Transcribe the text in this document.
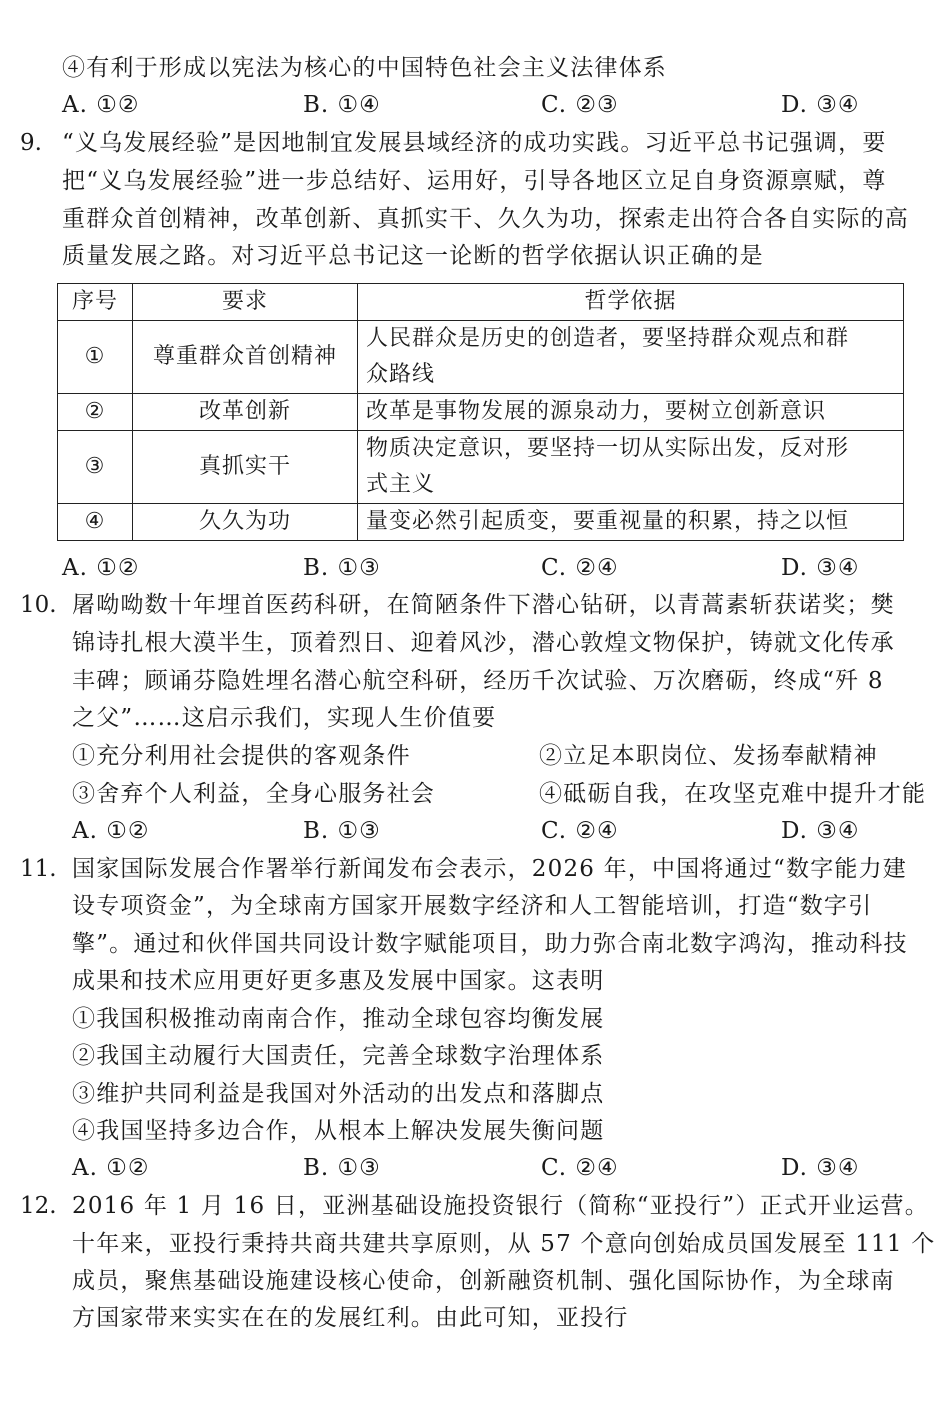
④有利于形成以宪法为核心的中国特色社会主义法律体系
A. ①②	B. ①④	C. ②③	D. ③④
9. “义乌发展经验”是因地制宜发展县域经济的成功实践。习近平总书记强调，要
把“义乌发展经验”进一步总结好、运用好，引导各地区立足自身资源禀赋，尊
重群众首创精神，改革创新、真抓实干、久久为功，探索走出符合各自实际的高
质量发展之路。对习近平总书记这一论断的哲学依据认识正确的是
序号	要求	哲学依据
①	尊重群众首创精神	人民群众是历史的创造者，要坚持群众观点和群
众路线

②	改革创新	改革是事物发展的源泉动力，要树立创新意识

③	真抓实干	物质决定意识，要坚持一切从实际出发，反对形
式主义

④	久久为功	量变必然引起质变，要重视量的积累，持之以恒
A. ①②	B. ①③	C. ②④	D. ③④
10. 屠呦呦数十年埋首医药科研，在简陋条件下潜心钻研，以青蒿素斩获诺奖；樊
锦诗扎根大漠半生，顶着烈日、迎着风沙，潜心敦煌文物保护，铸就文化传承
丰碑；顾诵芬隐姓埋名潜心航空科研，经历千次试验、万次磨砺，终成“歼 8
之父”……这启示我们，实现人生价值要
①充分利用社会提供的客观条件	②立足本职岗位、发扬奉献精神
③舍弃个人利益，全身心服务社会	④砥砺自我，在攻坚克难中提升才能
A. ①②	B. ①③	C. ②④	D. ③④
11. 国家国际发展合作署举行新闻发布会表示，2026 年，中国将通过“数字能力建
设专项资金”，为全球南方国家开展数字经济和人工智能培训，打造“数字引
擎”。通过和伙伴国共同设计数字赋能项目，助力弥合南北数字鸿沟，推动科技
成果和技术应用更好更多惠及发展中国家。这表明
①我国积极推动南南合作，推动全球包容均衡发展
②我国主动履行大国责任，完善全球数字治理体系
③维护共同利益是我国对外活动的出发点和落脚点
④我国坚持多边合作，从根本上解决发展失衡问题
A. ①②	B. ①③	C. ②④	D. ③④
12. 2016 年 1 月 16 日，亚洲基础设施投资银行（简称“亚投行”）正式开业运营。
十年来，亚投行秉持共商共建共享原则，从 57 个意向创始成员国发展至 111 个
成员，聚焦基础设施建设核心使命，创新融资机制、强化国际协作，为全球南
方国家带来实实在在的发展红利。由此可知，亚投行
